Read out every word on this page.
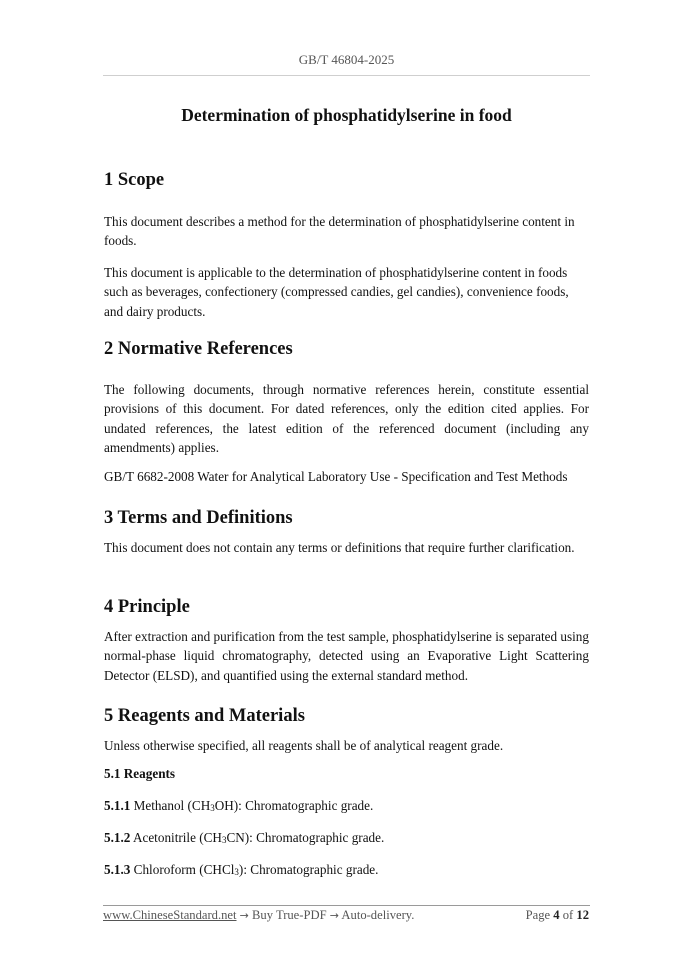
GB/T 46804-2025
Determination of phosphatidylserine in food
1 Scope

This document describes a method for the determination of phosphatidylserine content in foods.

This document is applicable to the determination of phosphatidylserine content in foods such as beverages, confectionery (compressed candies, gel candies), convenience foods, and dairy products.

2 Normative References

The following documents, through normative references herein, constitute essential provisions of this document. For dated references, only the edition cited applies. For undated references, the latest edition of the referenced document (including any amendments) applies.

GB/T 6682-2008 Water for Analytical Laboratory Use - Specification and Test Methods

3 Terms and Definitions

This document does not contain any terms or definitions that require further clarification.

4 Principle

After extraction and purification from the test sample, phosphatidylserine is separated using normal-phase liquid chromatography, detected using an Evaporative Light Scattering Detector (ELSD), and quantified using the external standard method.

5 Reagents and Materials

Unless otherwise specified, all reagents shall be of analytical reagent grade.

5.1 Reagents

5.1.1 Methanol $(CH_3OH)$: Chromatographic grade.

5.1.2 Acetonitrile $(CH_3CN)$: Chromatographic grade.

5.1.3 Chloroform (CHCl$_3$): Chromatographic grade.

www.ChineseStandard.net → Buy True-PDF → Auto-delivery.	Page 4 of 12
